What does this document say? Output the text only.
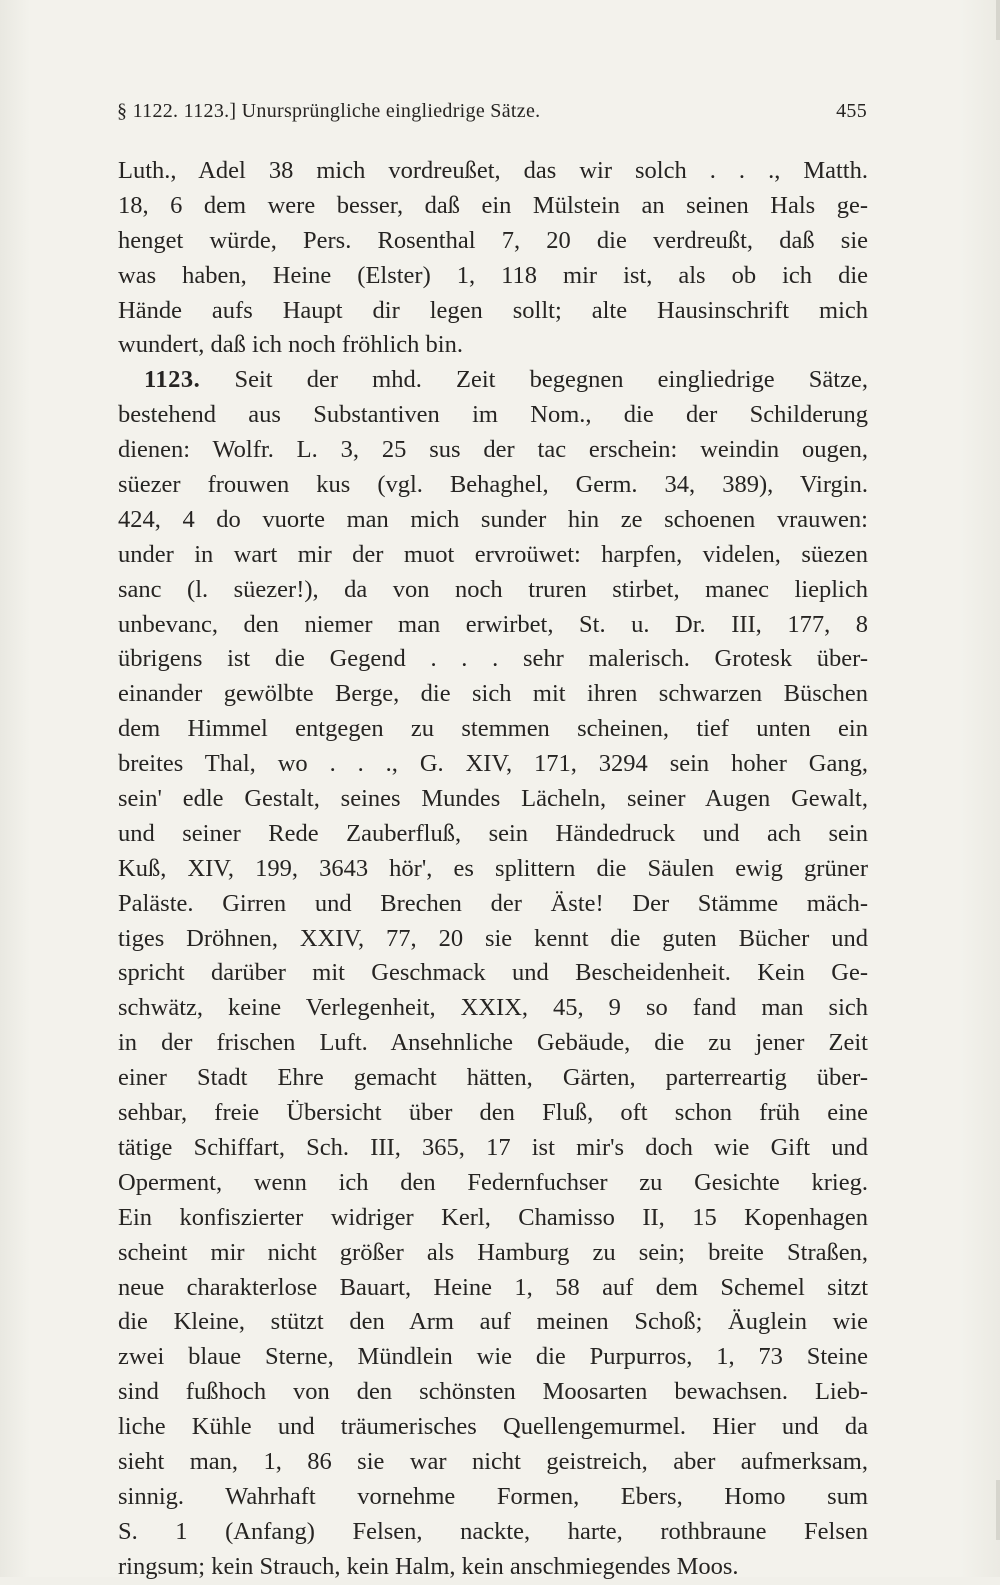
§ 1122. 1123.] Unursprüngliche eingliedrige Sätze.	455
Luth., Adel 38 mich vordreußet, das wir solch . . ., Matth.
18, 6 dem were besser, daß ein Mülstein an seinen Hals ge-
henget würde, Pers. Rosenthal 7, 20 die verdreußt, daß sie
was haben, Heine (Elster) 1, 118 mir ist, als ob ich die
Hände aufs Haupt dir legen sollt; alte Hausinschrift mich
wundert, daß ich noch fröhlich bin.
1123. Seit der mhd. Zeit begegnen eingliedrige Sätze,
bestehend aus Substantiven im Nom., die der Schilderung
dienen: Wolfr. L. 3, 25 sus der tac erschein: weindin ougen,
süezer frouwen kus (vgl. Behaghel, Germ. 34, 389), Virgin.
424, 4 do vuorte man mich sunder hin ze schoenen vrauwen:
under in wart mir der muot ervroüwet: harpfen, videlen, süezen
sanc (l. süezer!), da von noch truren stirbet, manec lieplich
unbevanc, den niemer man erwirbet, St. u. Dr. III, 177, 8
übrigens ist die Gegend . . . sehr malerisch. Grotesk über-
einander gewölbte Berge, die sich mit ihren schwarzen Büschen
dem Himmel entgegen zu stemmen scheinen, tief unten ein
breites Thal, wo . . ., G. XIV, 171, 3294 sein hoher Gang,
sein' edle Gestalt, seines Mundes Lächeln, seiner Augen Gewalt,
und seiner Rede Zauberfluß, sein Händedruck und ach sein
Kuß, XIV, 199, 3643 hör', es splittern die Säulen ewig grüner
Paläste. Girren und Brechen der Äste! Der Stämme mäch-
tiges Dröhnen, XXIV, 77, 20 sie kennt die guten Bücher und
spricht darüber mit Geschmack und Bescheidenheit. Kein Ge-
schwätz, keine Verlegenheit, XXIX, 45, 9 so fand man sich
in der frischen Luft. Ansehnliche Gebäude, die zu jener Zeit
einer Stadt Ehre gemacht hätten, Gärten, parterreartig über-
sehbar, freie Übersicht über den Fluß, oft schon früh eine
tätige Schiffart, Sch. III, 365, 17 ist mir's doch wie Gift und
Operment, wenn ich den Federnfuchser zu Gesichte krieg.
Ein konfiszierter widriger Kerl, Chamisso II, 15 Kopenhagen
scheint mir nicht größer als Hamburg zu sein; breite Straßen,
neue charakterlose Bauart, Heine 1, 58 auf dem Schemel sitzt
die Kleine, stützt den Arm auf meinen Schoß; Äuglein wie
zwei blaue Sterne, Mündlein wie die Purpurros, 1, 73 Steine
sind fußhoch von den schönsten Moosarten bewachsen. Lieb-
liche Kühle und träumerisches Quellengemurmel. Hier und da
sieht man, 1, 86 sie war nicht geistreich, aber aufmerksam,
sinnig. Wahrhaft vornehme Formen, Ebers, Homo sum
S. 1 (Anfang) Felsen, nackte, harte, rothbraune Felsen
ringsum; kein Strauch, kein Halm, kein anschmiegendes Moos.
